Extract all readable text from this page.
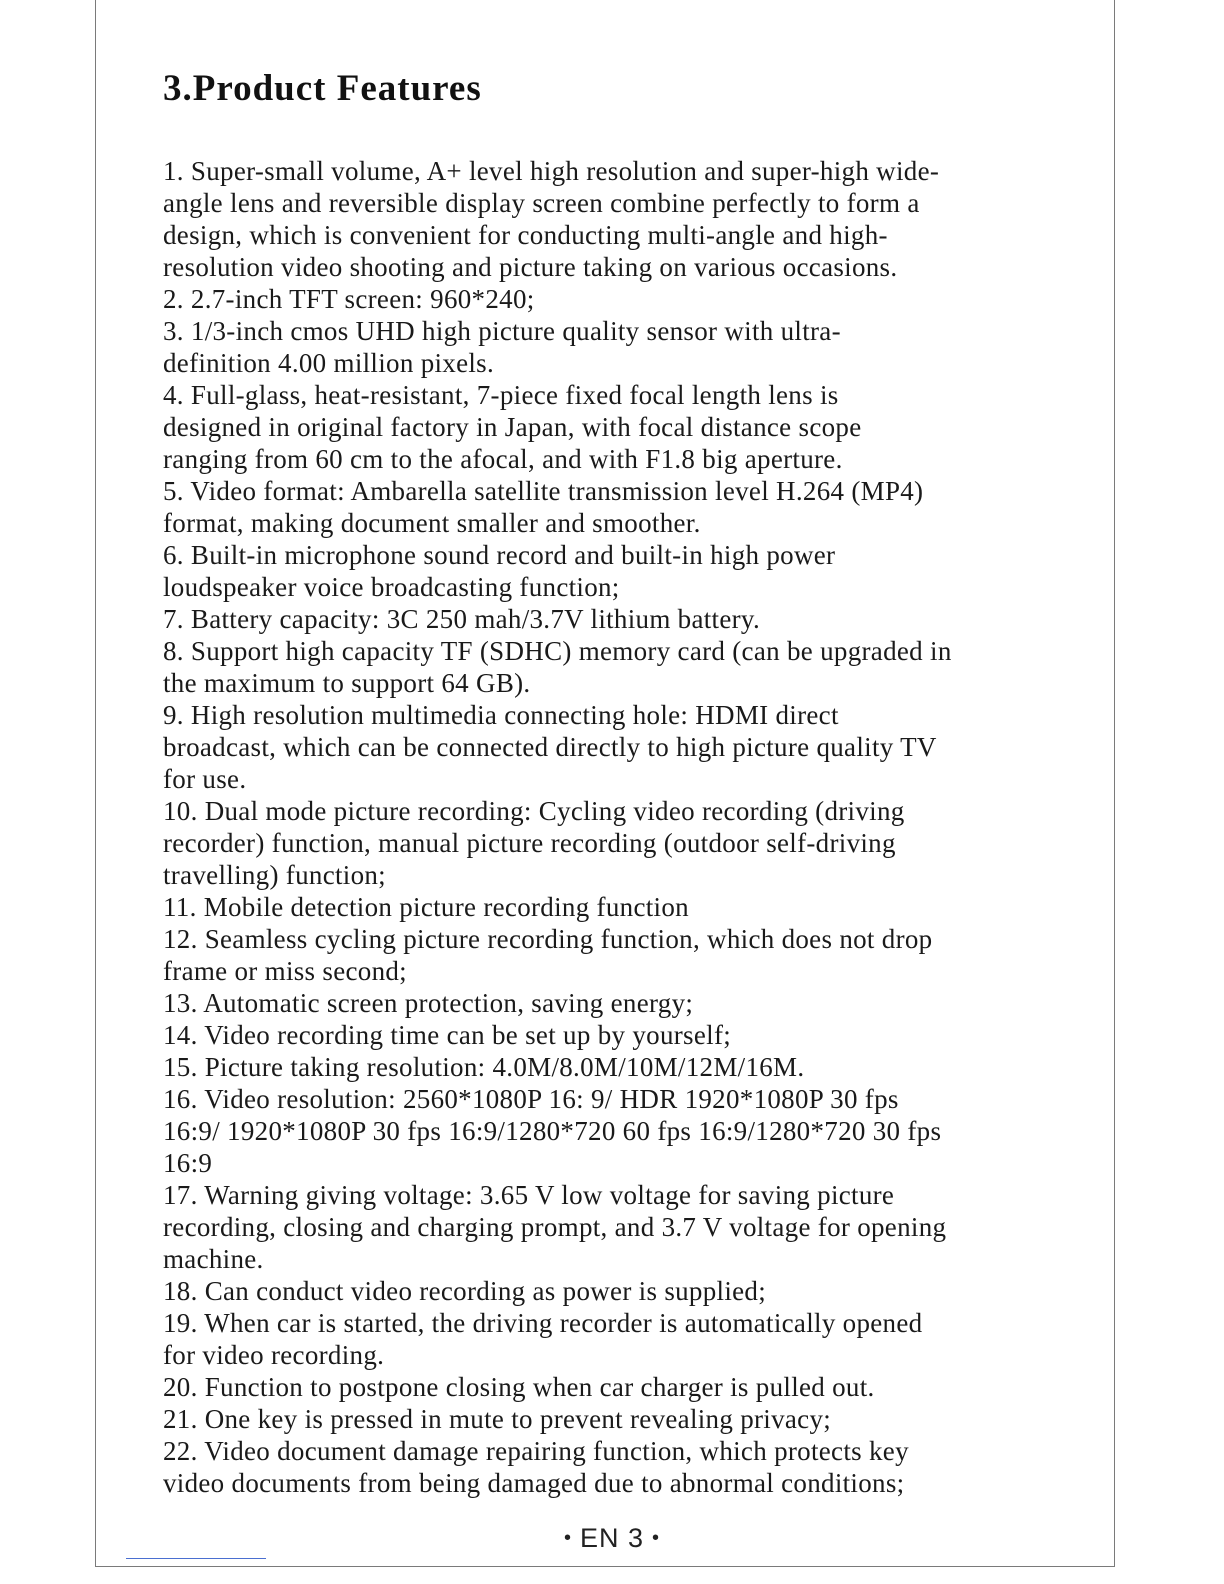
3.Product Features
1. Super-small volume, A+ level high resolution and super-high wide-
angle lens and reversible display screen combine perfectly to form a
design, which is convenient for conducting multi-angle and high-
resolution video shooting and picture taking on various occasions.
2. 2.7-inch TFT screen: 960*240;
3. 1/3-inch cmos UHD high picture quality sensor with ultra-
definition 4.00 million pixels.
4. Full-glass, heat-resistant, 7-piece fixed focal length lens is
designed in original factory in Japan, with focal distance scope
ranging from 60 cm to the afocal, and with F1.8 big aperture.
5. Video format: Ambarella satellite transmission level H.264 (MP4)
format, making document smaller and smoother.
6. Built-in microphone sound record and built-in high power
loudspeaker voice broadcasting function;
7. Battery capacity: 3C 250 mah/3.7V lithium battery.
8. Support high capacity TF (SDHC) memory card (can be upgraded in
the maximum to support 64 GB).
9. High resolution multimedia connecting hole: HDMI direct
broadcast, which can be connected directly to high picture quality TV
for use.
10. Dual mode picture recording: Cycling video recording (driving
recorder) function, manual picture recording (outdoor self-driving
travelling) function;
11. Mobile detection picture recording function
12. Seamless cycling picture recording function, which does not drop
frame or miss second;
13. Automatic screen protection, saving energy;
14. Video recording time can be set up by yourself;
15. Picture taking resolution: 4.0M/8.0M/10M/12M/16M.
16. Video resolution: 2560*1080P 16: 9/ HDR 1920*1080P 30 fps
16:9/ 1920*1080P 30 fps 16:9/1280*720 60 fps 16:9/1280*720 30 fps
16:9
17. Warning giving voltage: 3.65 V low voltage for saving picture
recording, closing and charging prompt, and 3.7 V voltage for opening
machine.
18. Can conduct video recording as power is supplied;
19. When car is started, the driving recorder is automatically opened
for video recording.
20. Function to postpone closing when car charger is pulled out.
21. One key is pressed in mute to prevent revealing privacy;
22. Video document damage repairing function, which protects key
video documents from being damaged due to abnormal conditions;
• EN 3 •
